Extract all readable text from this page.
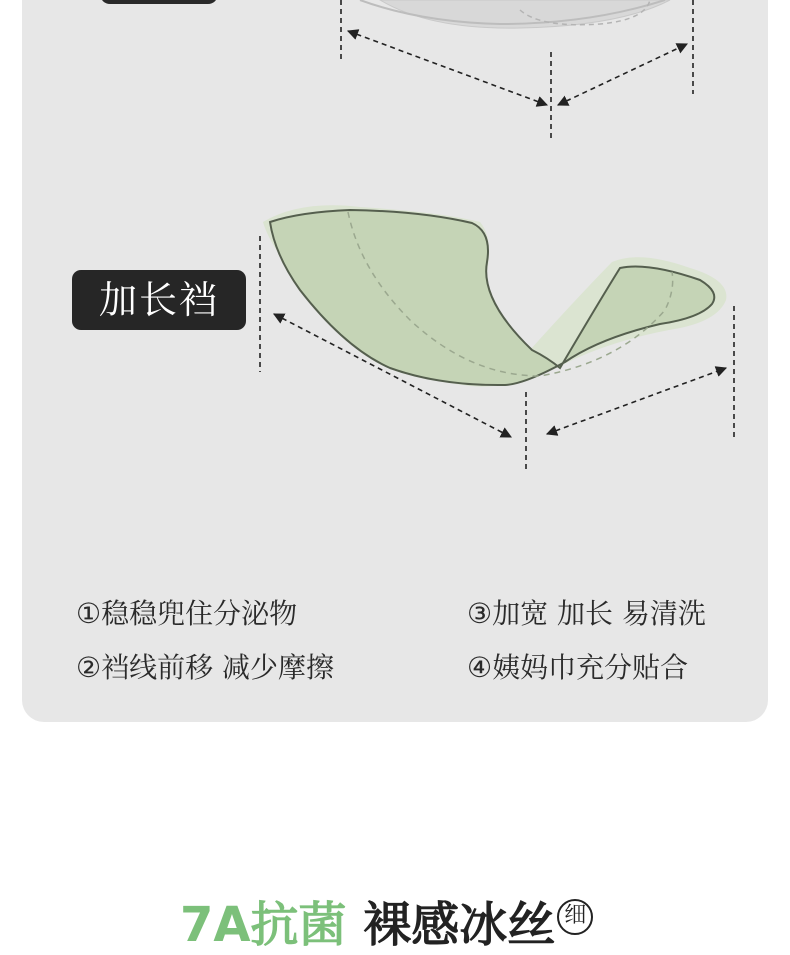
加长裆
①稳稳兜住分泌物	③加宽 加长 易清洗
②裆线前移 减少摩擦	④姨妈巾充分贴合
7A抗菌 裸感冰丝 细
